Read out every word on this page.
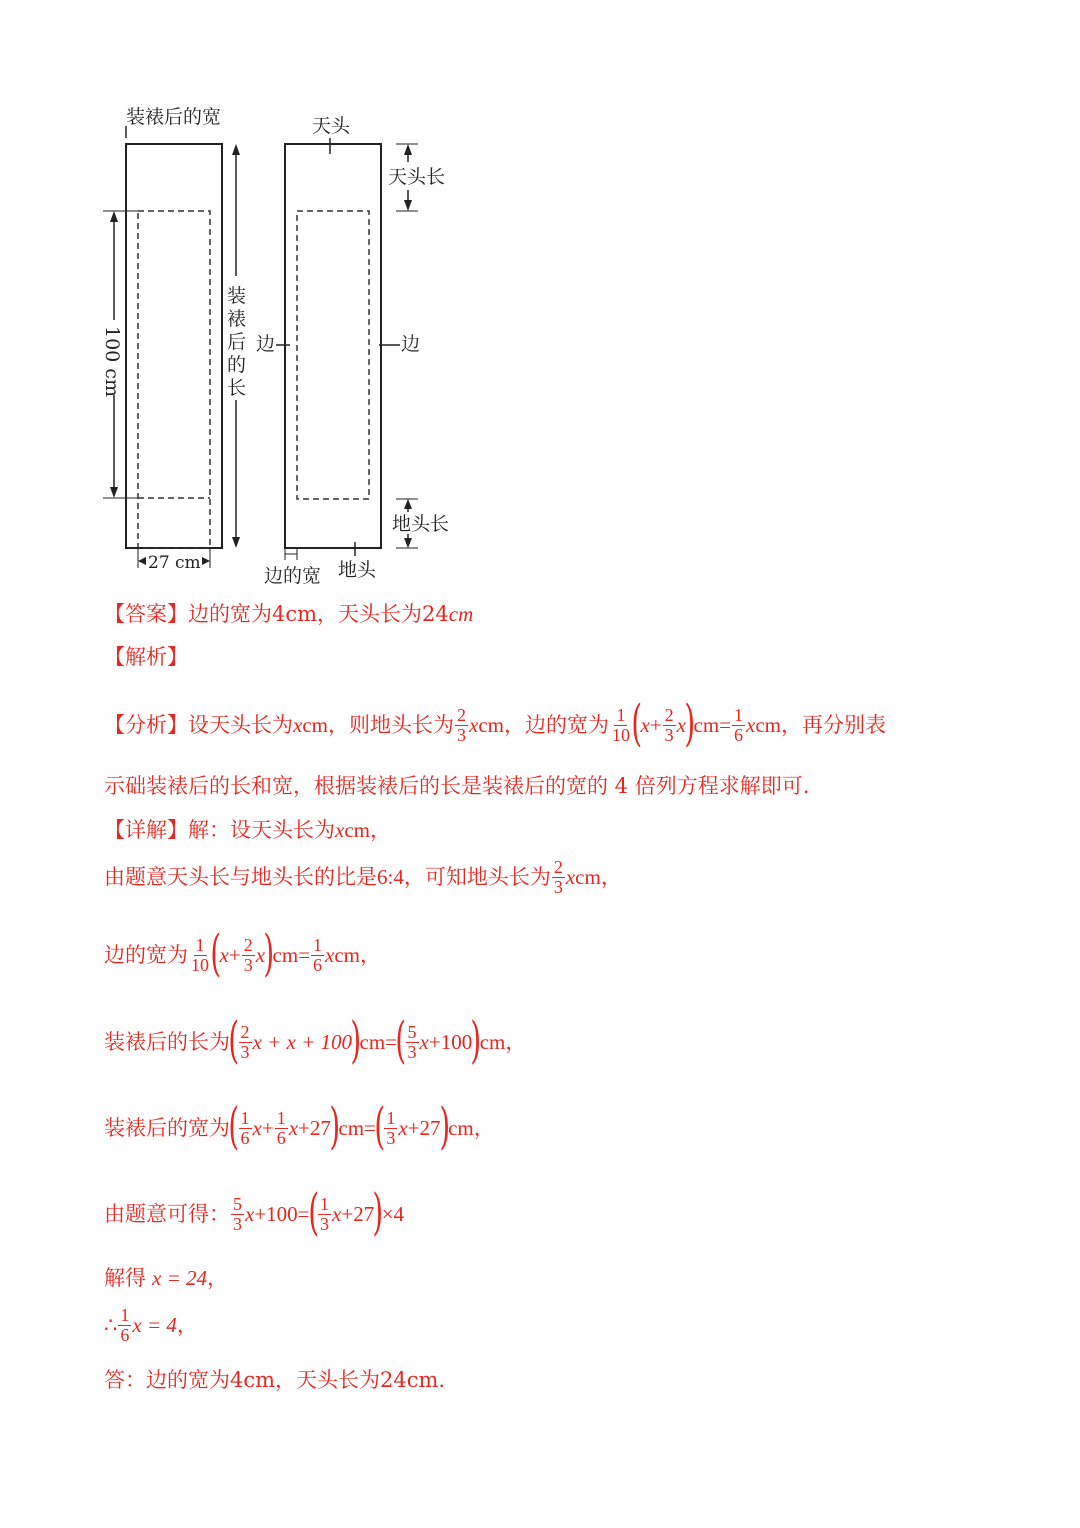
装裱后的宽
100 cm
装
裱
后
的
长
27 cm
天头
天头长
边	边
地头长
边的宽 地头
【答案】 边的宽为4cm，天头长为24 cm
【解析】
【分析】 设天头长为 x cm ，则地头长为 $\frac{2}{3}$ x cm ，边的宽为 $\frac{1}{10}$ (
$x + \frac{2}{3}$ x
)
cm = $\frac{1}{6}$ x cm ，再分别表
示础装裱后的长和宽，根据装裱后的长是装裱后的宽的 4 倍列方程求解即可.
【详解】 解：设天头长为 x cm ，
由题意天头长与地头长的比是 6:4 ，可知地头长为 $\frac{2}{3}$ x cm ，
边的宽为 $\frac{1}{10}$ (
$x + \frac{2}{3}$ x
)
cm = $\frac{1}{6}$ x cm ，
装裱后的长为
( $\frac{2}{3}$ x + x + 100
)
cm =
( $\frac{5}{3}$ x +100
)
cm ，
装裱后的宽为
( $\frac{1}{6}$ $x + \frac{1}{6}$ x +27
)
cm =
( $\frac{1}{3}$ x +27
)
cm ，
由题意可得： $\frac{5}{3}$ x +100 =
( $\frac{1}{3}$ x +27
)
×4
解得 x = 24 ，
∴ $\frac{1}{6}$ x = 4 ，
答：边的宽为4cm，天头长为24cm.
